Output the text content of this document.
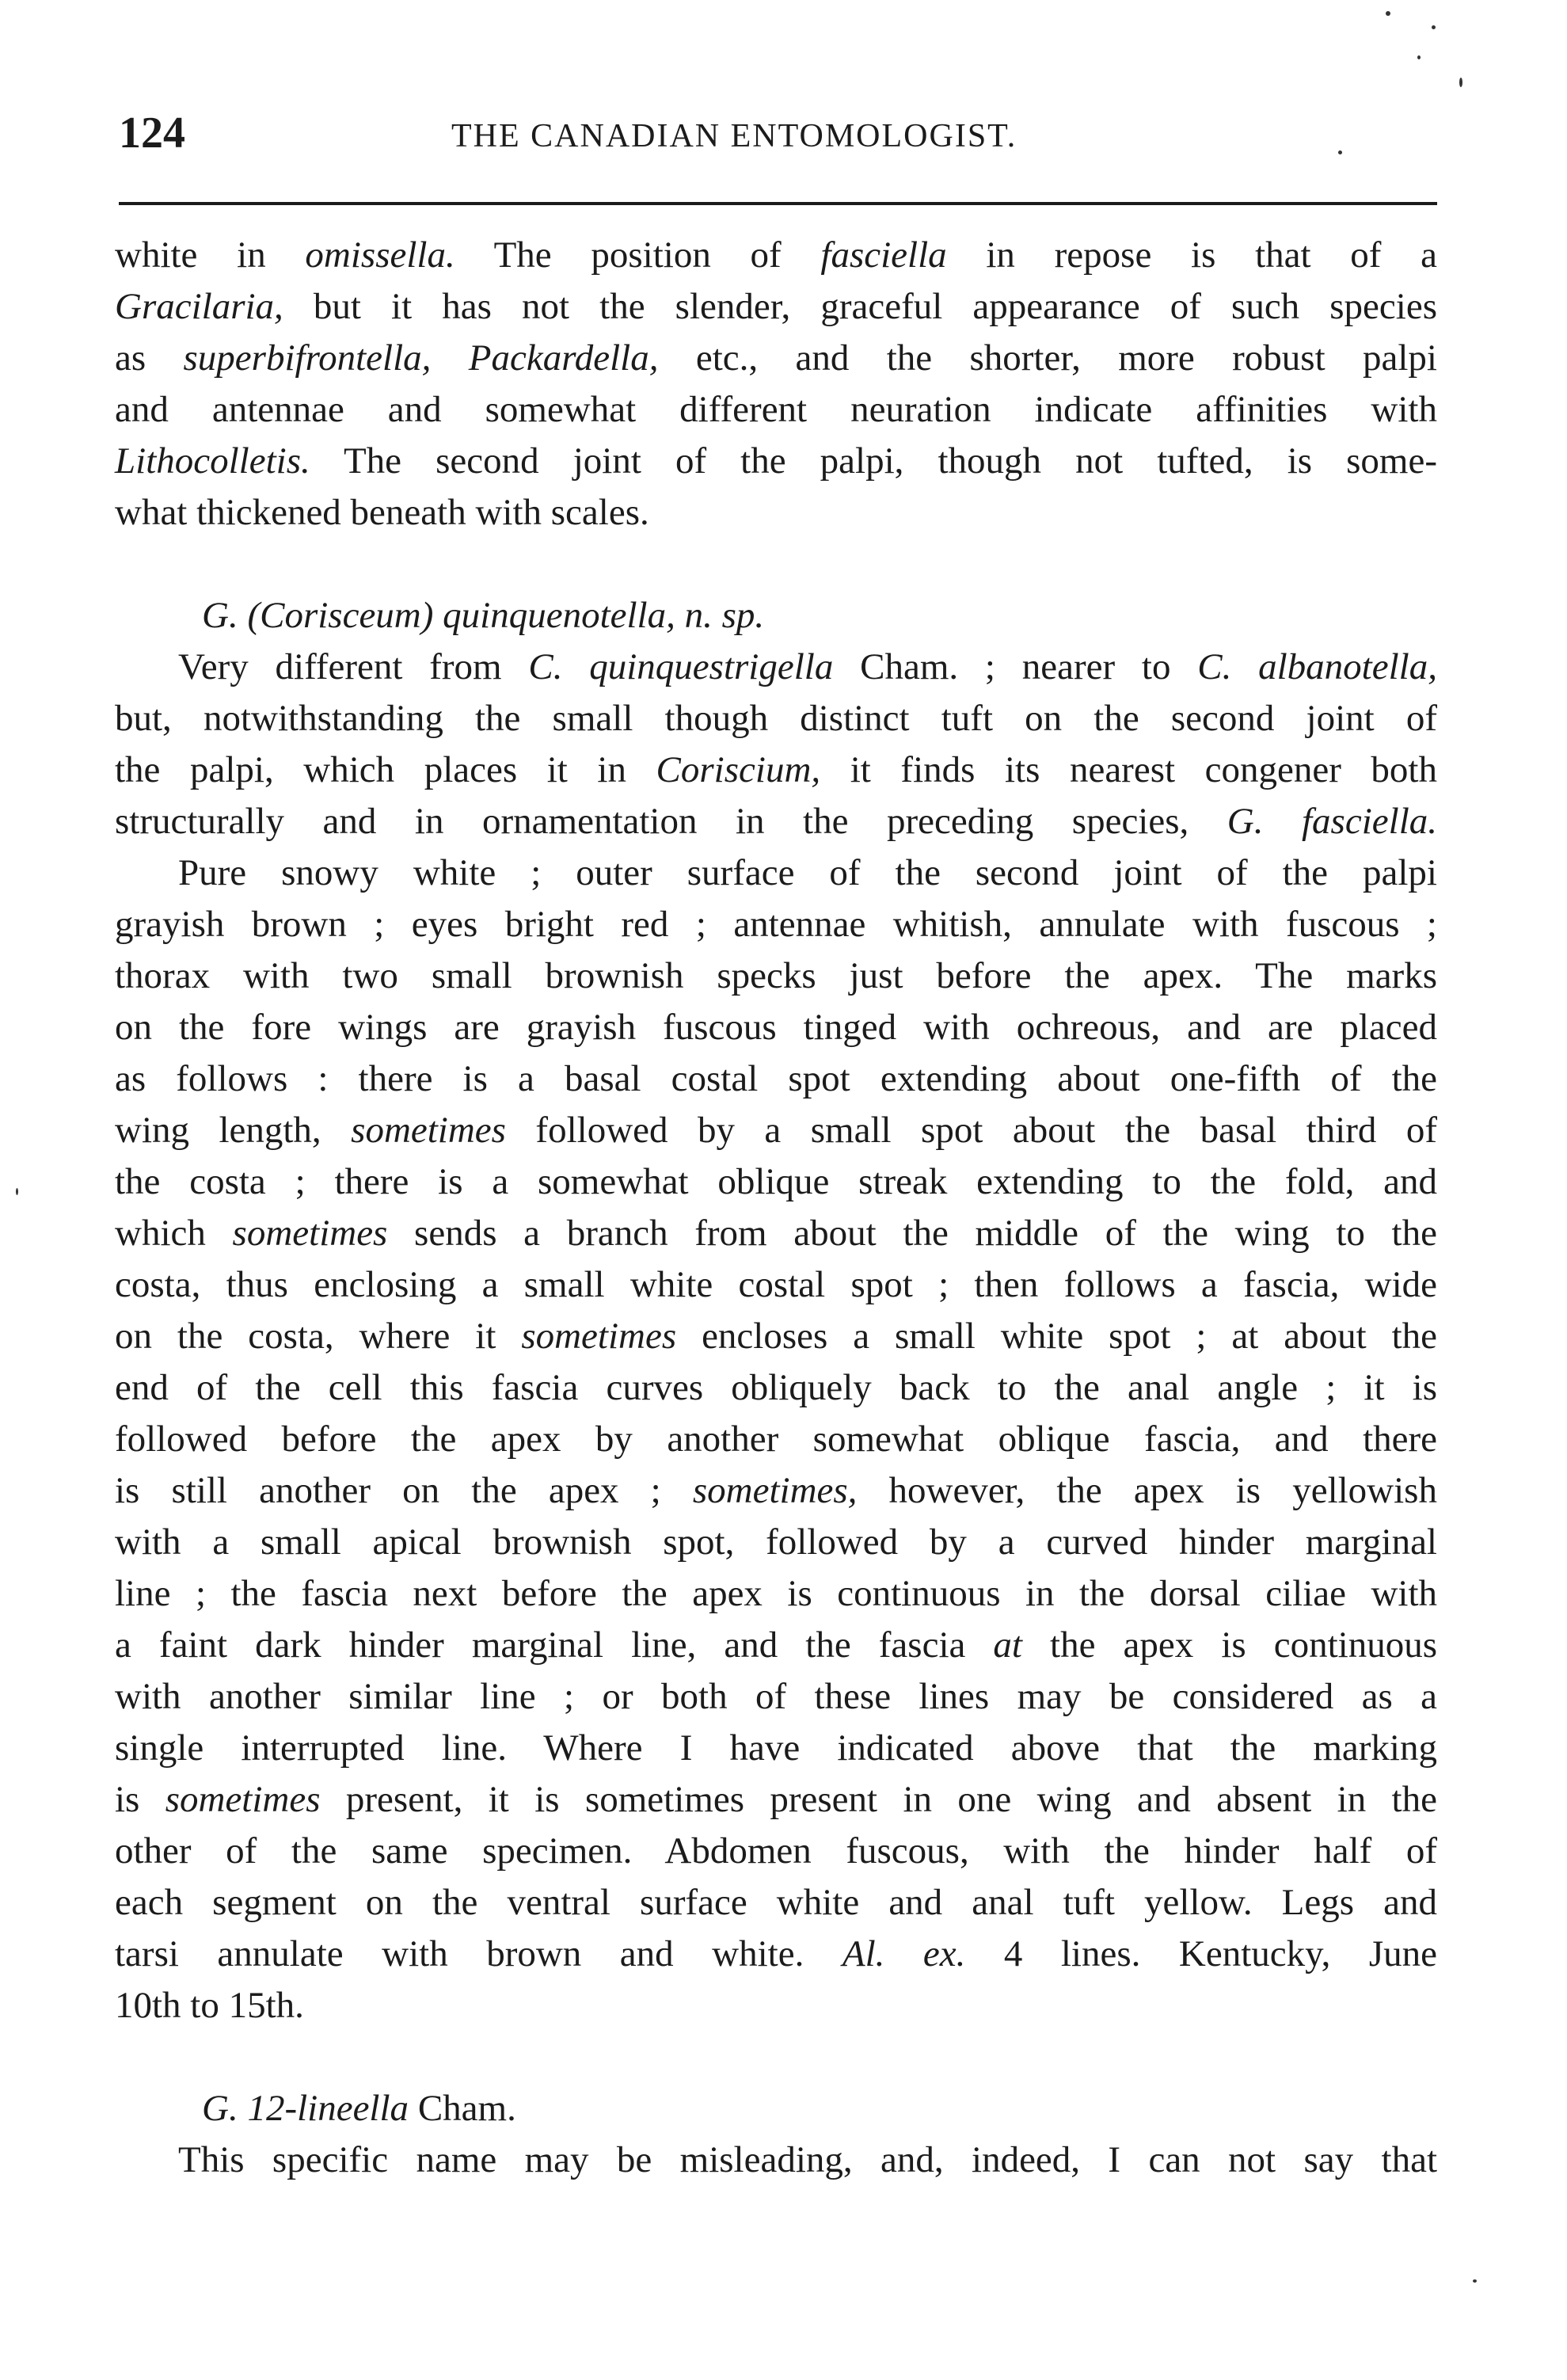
124	THE CANADIAN ENTOMOLOGIST.

white in omissella. The position of fasciella in repose is that of a

Gracilaria, but it has not the slender, graceful appearance of such species

as superbifrontella, Packardella, etc., and the shorter, more robust palpi

and antennae and somewhat different neuration indicate affinities with

Lithocolletis. The second joint of the palpi, though not tufted, is some-

what thickened beneath with scales.

G. (Corisceum) quinquenotella, n. sp.

Very different from C. quinquestrigella Cham. ; nearer to C. albanotella,

but, notwithstanding the small though distinct tuft on the second joint of

the palpi, which places it in Coriscium, it finds its nearest congener both

structurally and in ornamentation in the preceding species, G. fasciella.

Pure snowy white ; outer surface of the second joint of the palpi

grayish brown ; eyes bright red ; antennae whitish, annulate with fuscous ;

thorax with two small brownish specks just before the apex. The marks

on the fore wings are grayish fuscous tinged with ochreous, and are placed

as follows : there is a basal costal spot extending about one-fifth of the

wing length, sometimes followed by a small spot about the basal third of

the costa ; there is a somewhat oblique streak extending to the fold, and

which sometimes sends a branch from about the middle of the wing to the

costa, thus enclosing a small white costal spot ; then follows a fascia, wide

on the costa, where it sometimes encloses a small white spot ; at about the

end of the cell this fascia curves obliquely back to the anal angle ; it is

followed before the apex by another somewhat oblique fascia, and there

is still another on the apex ; sometimes, however, the apex is yellowish

with a small apical brownish spot, followed by a curved hinder marginal

line ; the fascia next before the apex is continuous in the dorsal ciliae with

a faint dark hinder marginal line, and the fascia at the apex is continuous

with another similar line ; or both of these lines may be considered as a

single interrupted line. Where I have indicated above that the marking

is sometimes present, it is sometimes present in one wing and absent in the

other of the same specimen. Abdomen fuscous, with the hinder half of

each segment on the ventral surface white and anal tuft yellow. Legs and

tarsi annulate with brown and white. Al. ex. 4 lines. Kentucky, June

10th to 15th.

G. 12-lineella Cham.

This specific name may be misleading, and, indeed, I can not say that
